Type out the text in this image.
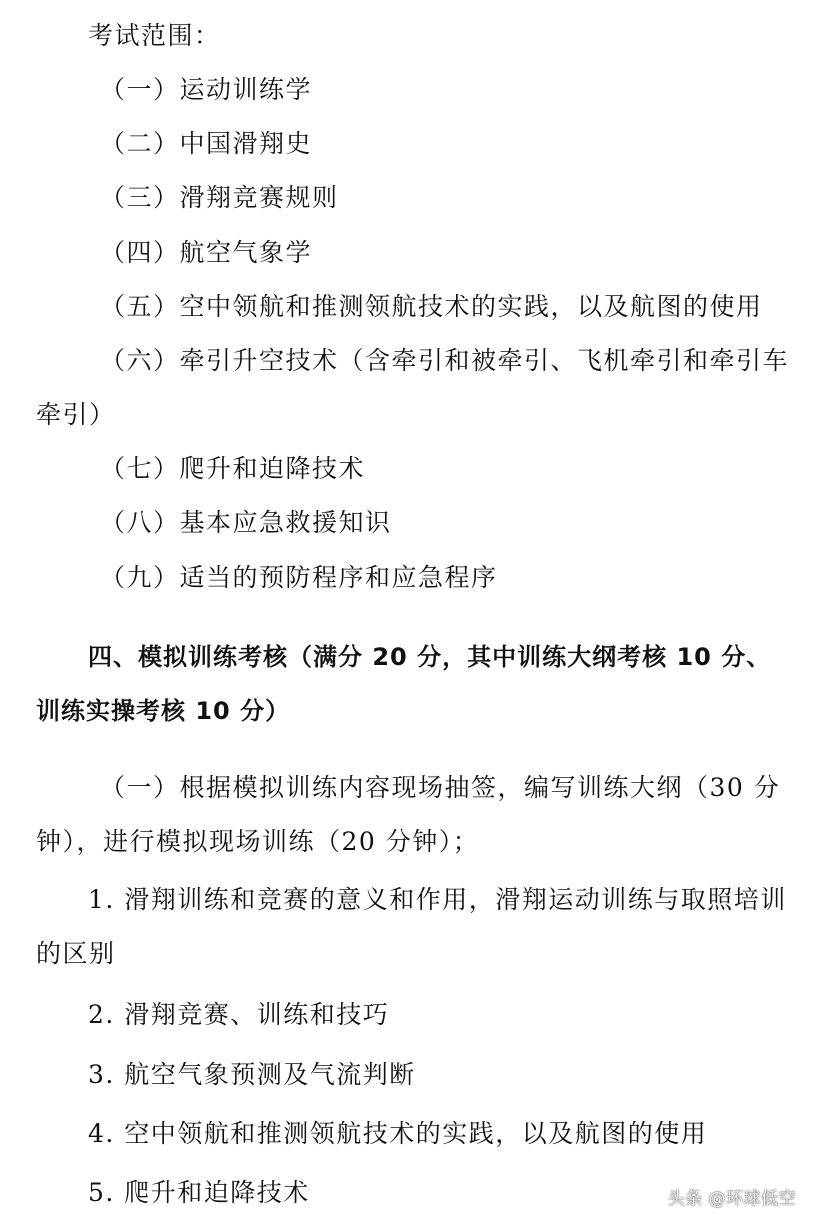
考试范围：
（一）运动训练学
（二）中国滑翔史
（三）滑翔竞赛规则
（四）航空气象学
（五）空中领航和推测领航技术的实践，以及航图的使用
（六）牵引升空技术（含牵引和被牵引、飞机牵引和牵引车
牵引）
（七）爬升和迫降技术
（八）基本应急救援知识
（九）适当的预防程序和应急程序
四、模拟训练考核（满分 20 分，其中训练大纲考核 10 分、
训练实操考核 10 分）
（一）根据模拟训练内容现场抽签，编写训练大纲（30 分
钟），进行模拟现场训练（20 分钟）；
1. 滑翔训练和竞赛的意义和作用，滑翔运动训练与取照培训
的区别
2. 滑翔竞赛、训练和技巧
3. 航空气象预测及气流判断
4. 空中领航和推测领航技术的实践，以及航图的使用
5. 爬升和迫降技术	头条 @环球低空
